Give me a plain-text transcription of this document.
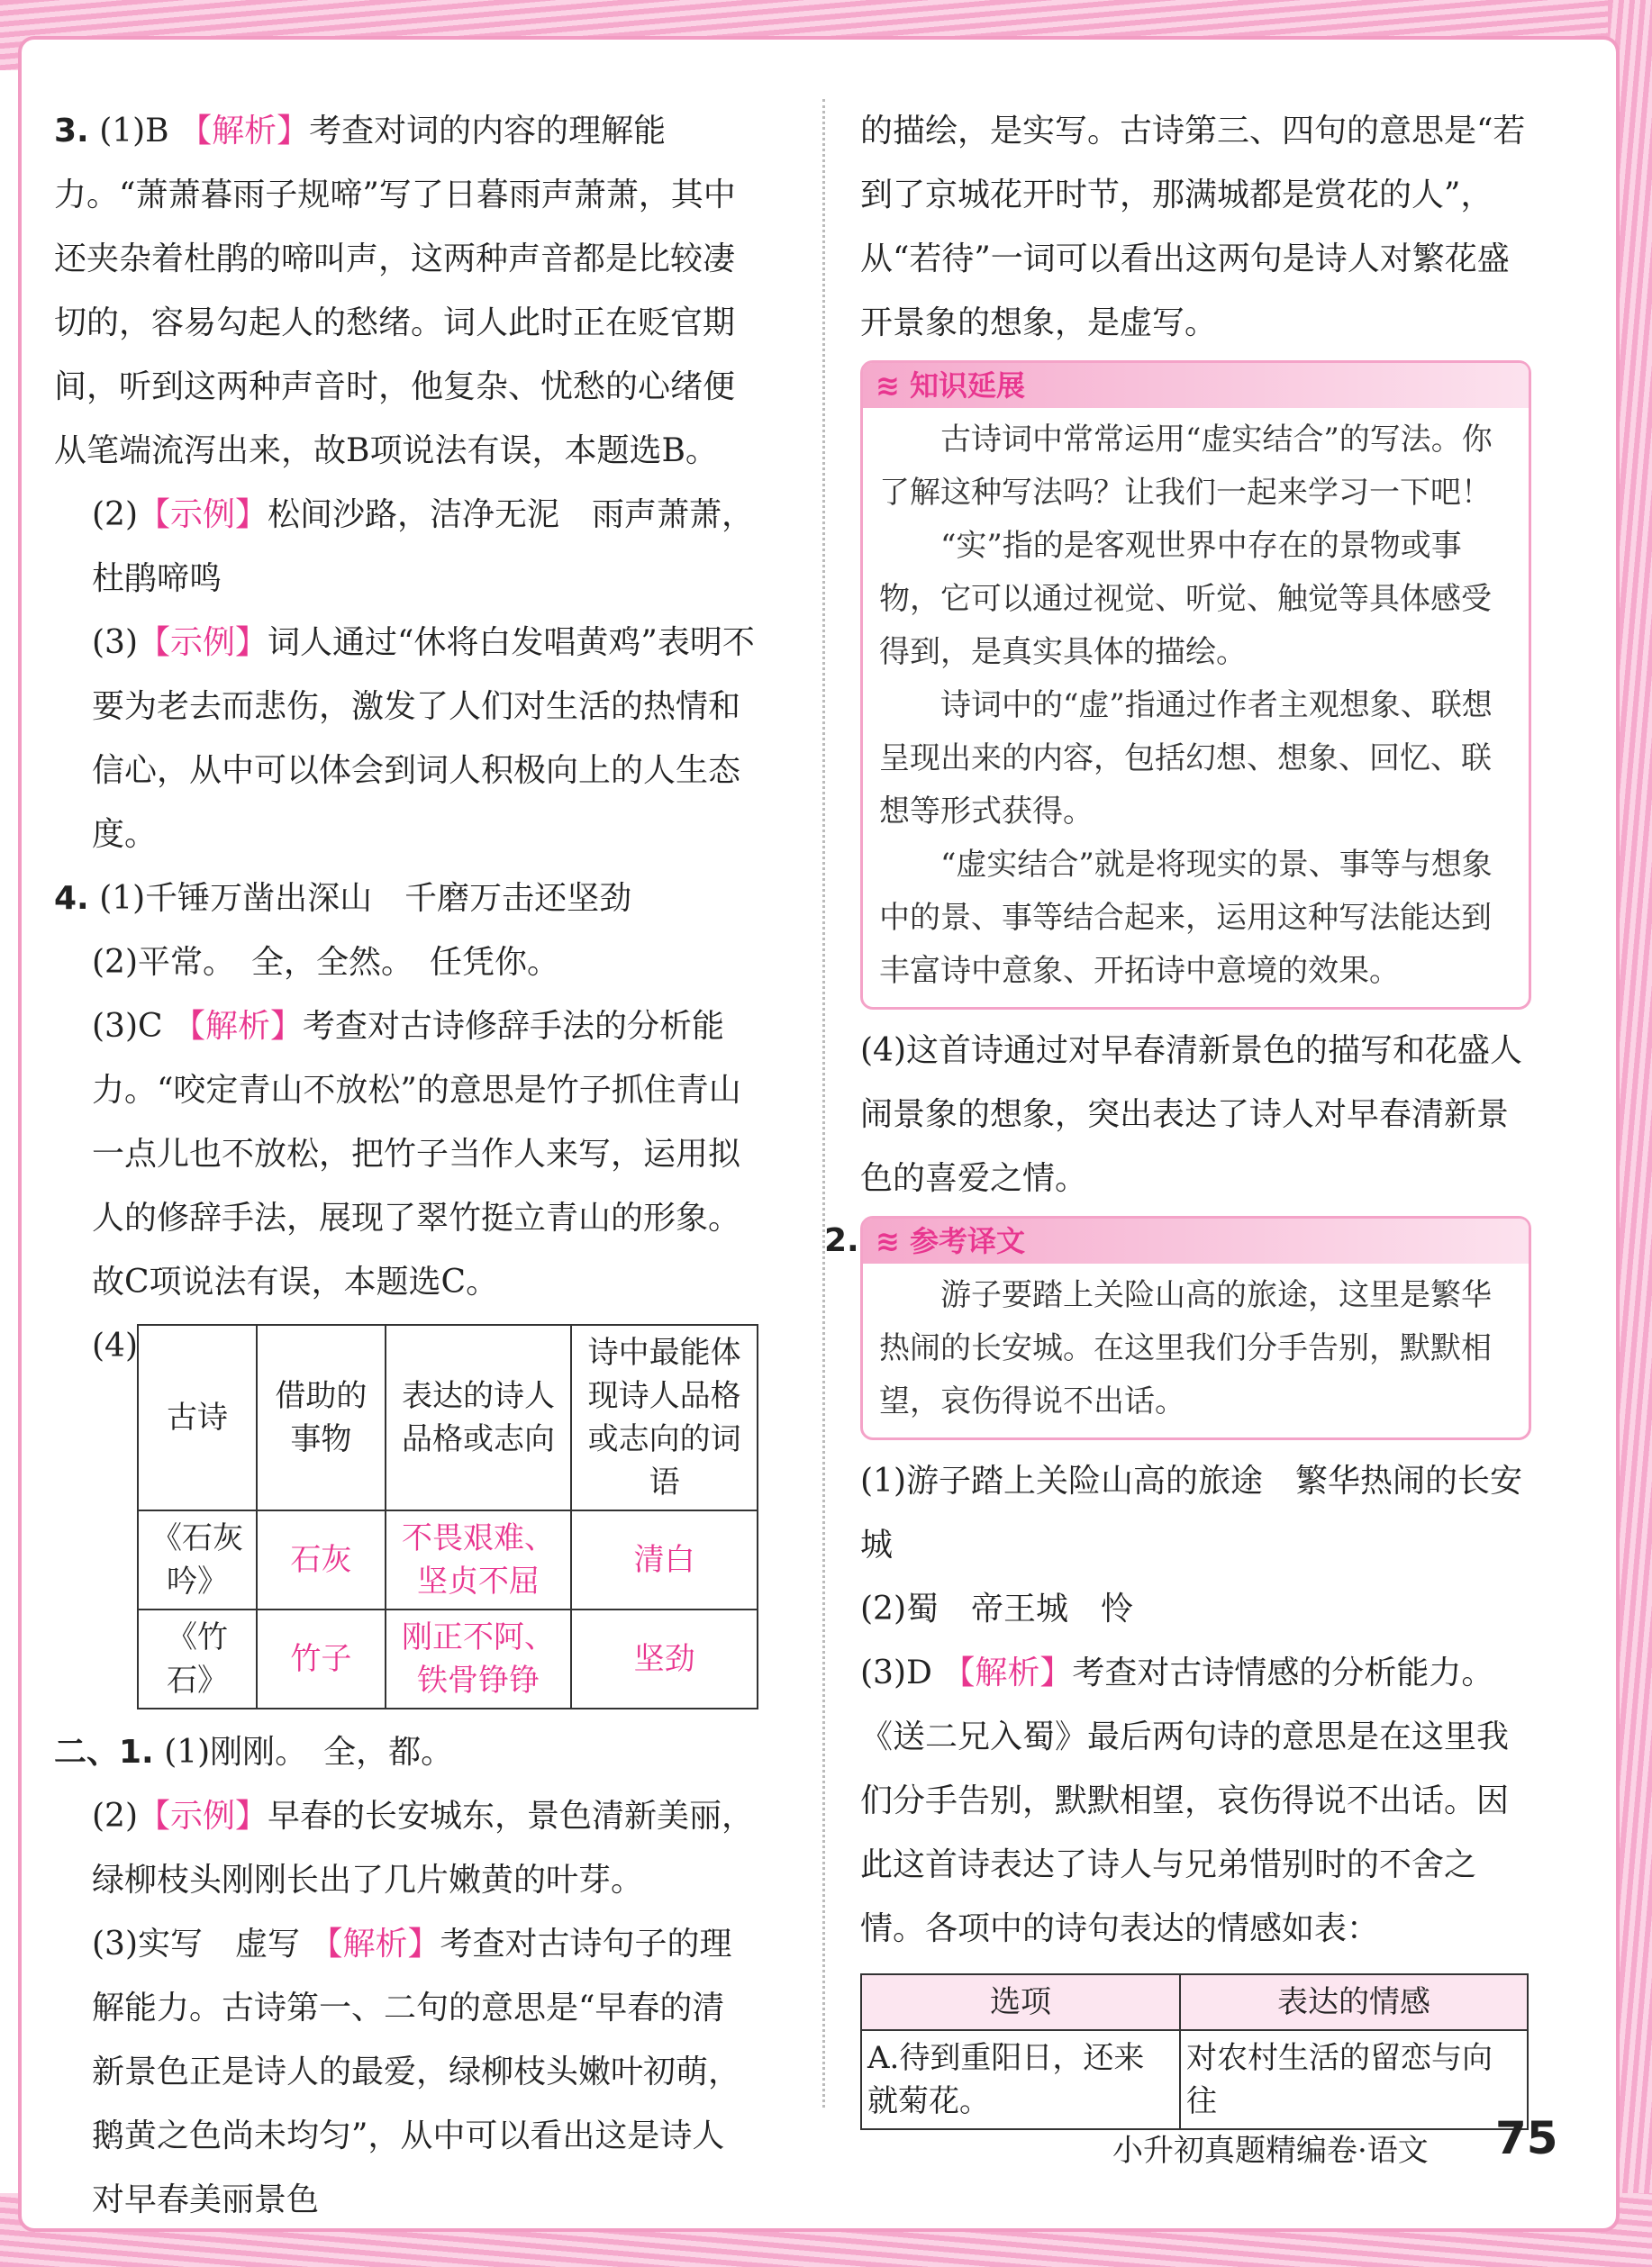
3. (1)B 【解析】考查对词的内容的理解能力。“萧萧暮雨子规啼”写了日暮雨声萧萧，其中还夹杂着杜鹃的啼叫声，这两种声音都是比较凄切的，容易勾起人的愁绪。词人此时正在贬官期间，听到这两种声音时，他复杂、忧愁的心绪便从笔端流泻出来，故B项说法有误，本题选B。

(2)【示例】松间沙路，洁净无泥　雨声萧萧，杜鹃啼鸣

(3)【示例】词人通过“休将白发唱黄鸡”表明不要为老去而悲伤，激发了人们对生活的热情和信心，从中可以体会到词人积极向上的人生态度。

4. (1)千锤万凿出深山　千磨万击还坚劲

(2)平常。　全，全然。　任凭你。

(3)C 【解析】考查对古诗修辞手法的分析能力。“咬定青山不放松”的意思是竹子抓住青山一点儿也不放松，把竹子当作人来写，运用拟人的修辞手法，展现了翠竹挺立青山的形象。故C项说法有误，本题选C。

(4)

古诗	借助的事物	表达的诗人品格或志向	诗中最能体现诗人品格或志向的词语
《石灰吟》	石灰	不畏艰难、坚贞不屈	清白
《竹石》	竹子	刚正不阿、铁骨铮铮	坚劲

二、1. (1)刚刚。　全，都。

(2)【示例】早春的长安城东，景色清新美丽，绿柳枝头刚刚长出了几片嫩黄的叶芽。

(3)实写　虚写 【解析】考查对古诗句子的理解能力。古诗第一、二句的意思是“早春的清新景色正是诗人的最爱，绿柳枝头嫩叶初萌，鹅黄之色尚未均匀”，从中可以看出这是诗人对早春美丽景色

的描绘，是实写。古诗第三、四句的意思是“若到了京城花开时节，那满城都是赏花的人”，从“若待”一词可以看出这两句是诗人对繁花盛开景象的想象，是虚写。

≋ 知识延展

古诗词中常常运用“虚实结合”的写法。你了解这种写法吗？让我们一起来学习一下吧！

“实”指的是客观世界中存在的景物或事物，它可以通过视觉、听觉、触觉等具体感受得到，是真实具体的描绘。

诗词中的“虚”指通过作者主观想象、联想呈现出来的内容，包括幻想、想象、回忆、联想等形式获得。

“虚实结合”就是将现实的景、事等与想象中的景、事等结合起来，运用这种写法能达到丰富诗中意象、开拓诗中意境的效果。

(4)这首诗通过对早春清新景色的描写和花盛人闹景象的想象，突出表达了诗人对早春清新景色的喜爱之情。

2. ≋ 参考译文

游子要踏上关险山高的旅途，这里是繁华热闹的长安城。在这里我们分手告别，默默相望，哀伤得说不出话。

(1)游子踏上关险山高的旅途　繁华热闹的长安城

(2)蜀　帝王城　怜

(3)D 【解析】考查对古诗情感的分析能力。《送二兄入蜀》最后两句诗的意思是在这里我们分手告别，默默相望，哀伤得说不出话。因此这首诗表达了诗人与兄弟惜别时的不舍之情。各项中的诗句表达的情感如表：

选项	表达的情感
A.待到重阳日，还来就菊花。	对农村生活的留恋与向往
小升初真题精编卷·语文 75
